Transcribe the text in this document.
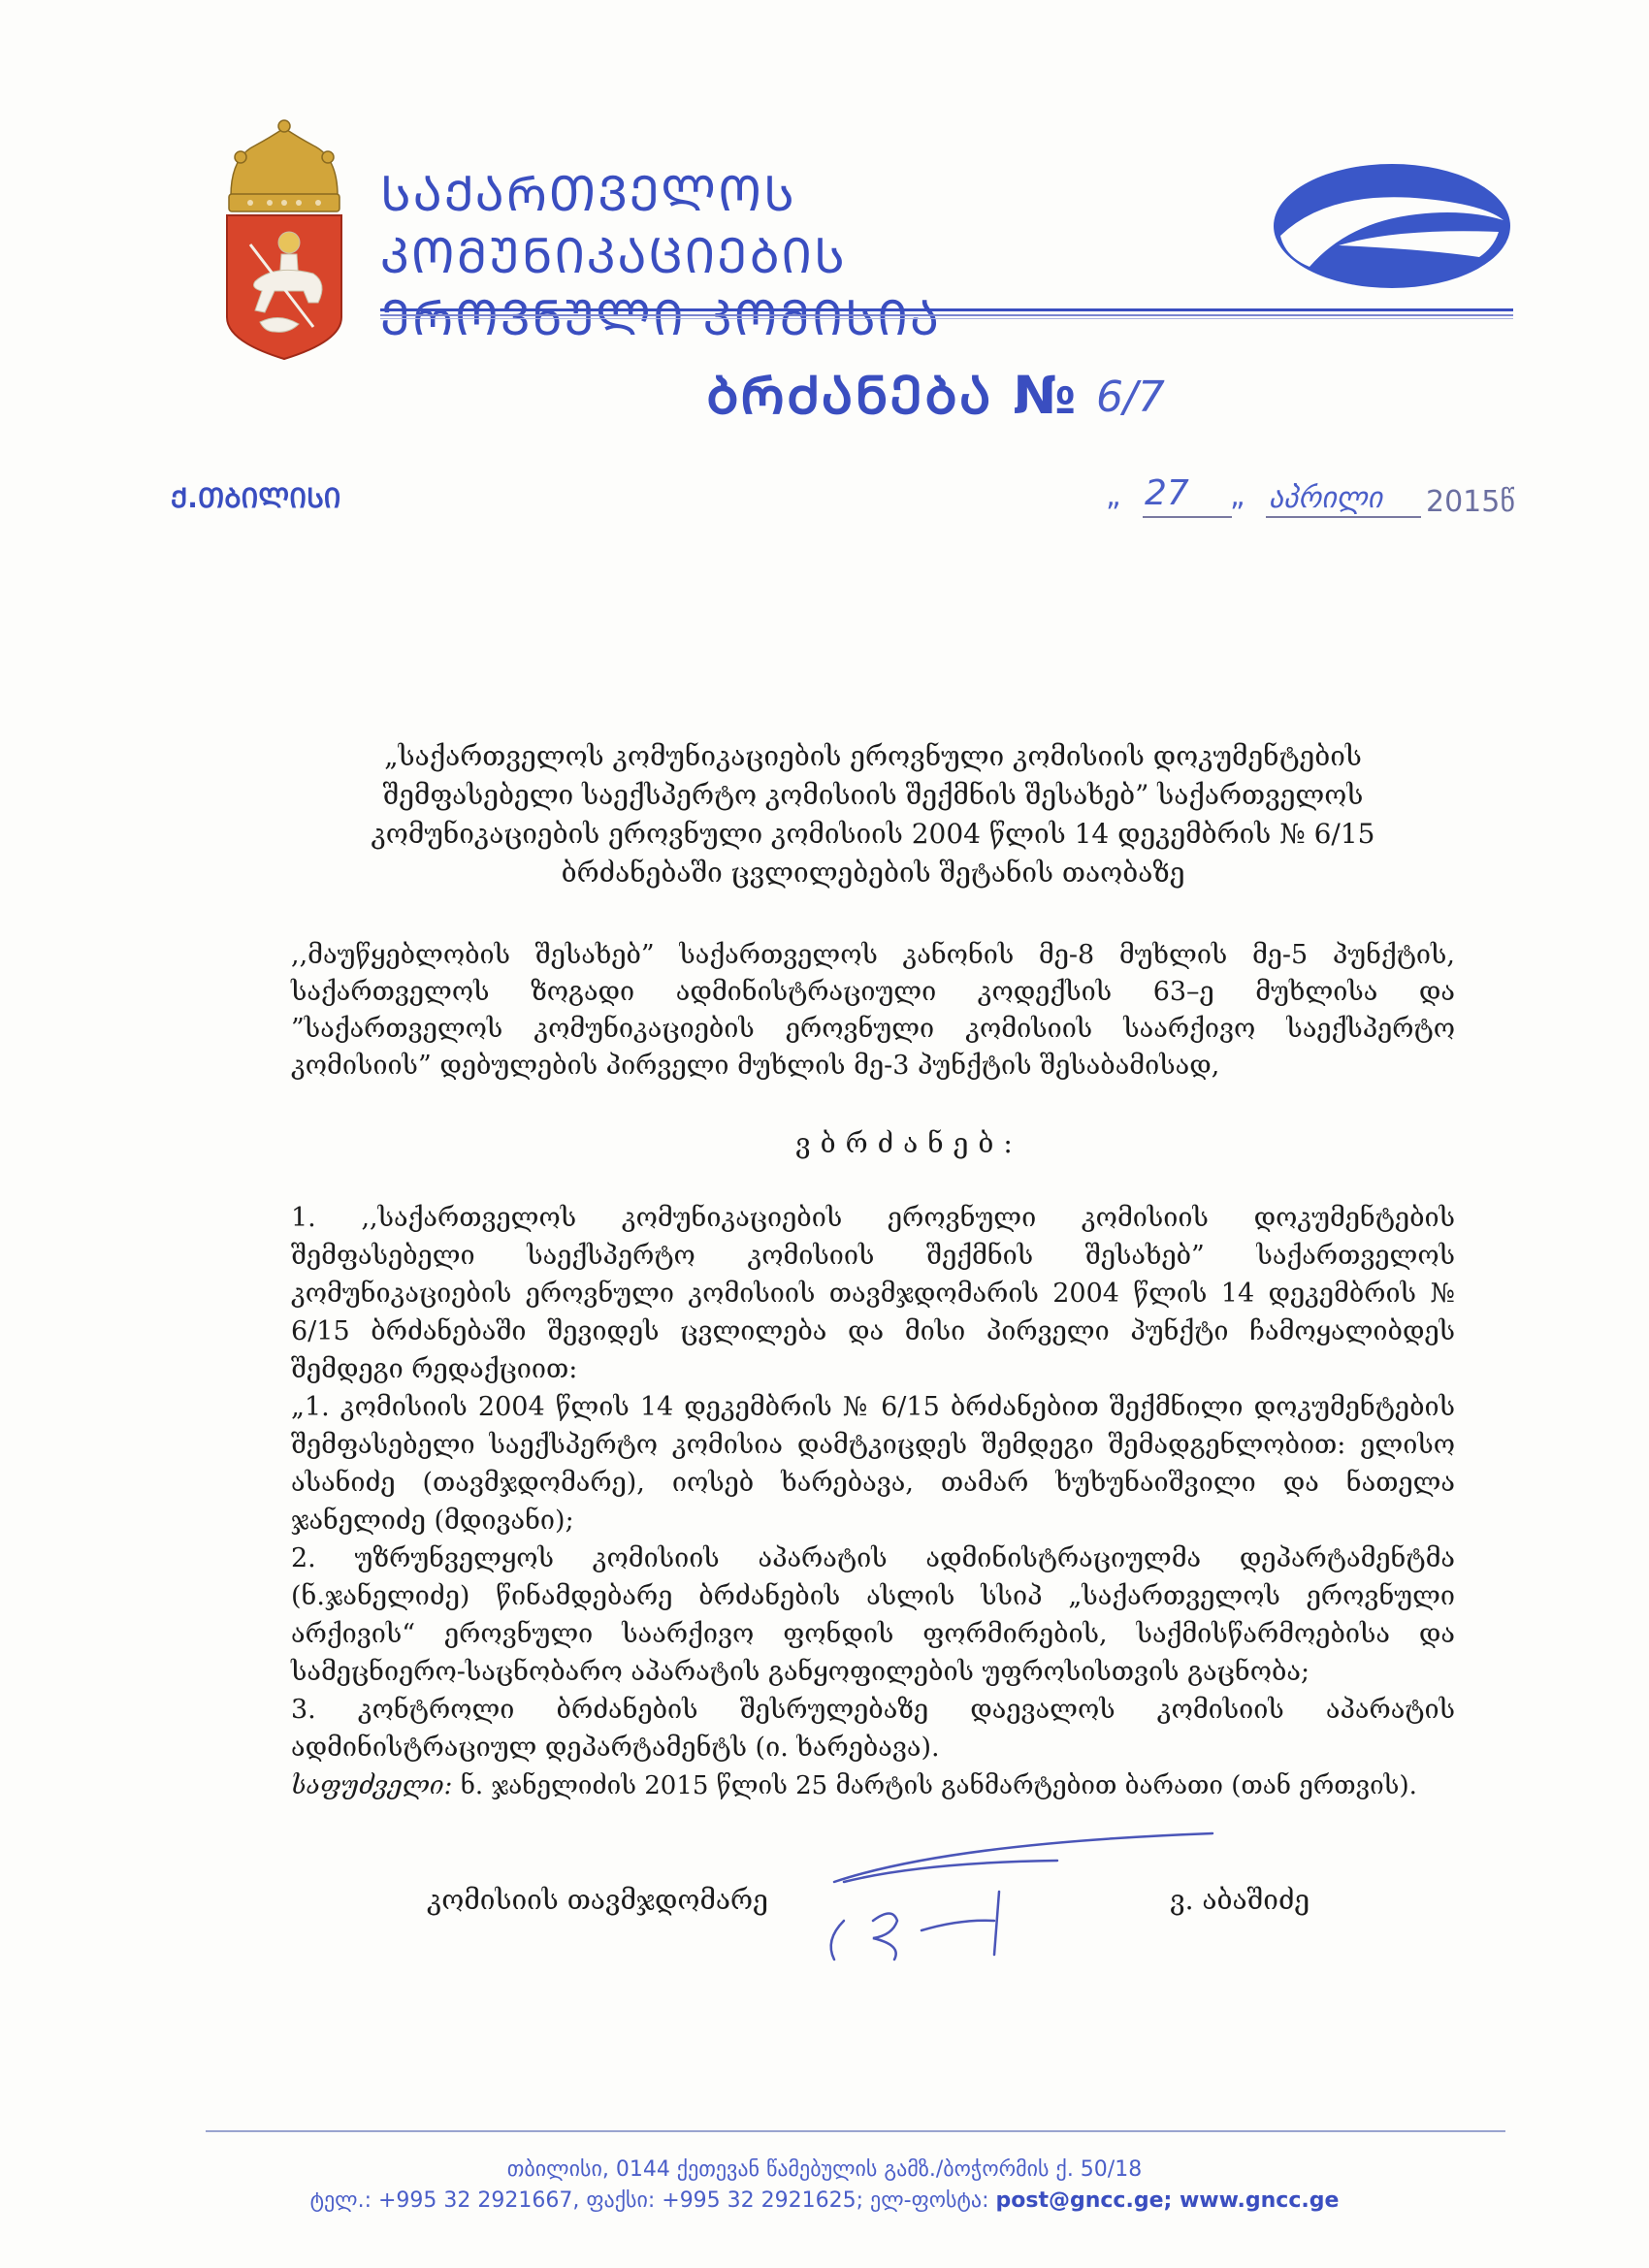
ᲡᲐᲥᲐᲠᲗᲕᲔᲚᲝᲡ ᲙᲝᲛᲣᲜᲘᲙᲐᲪᲘᲔᲑᲘᲡ
ᲑᲠᲫᲐᲜᲔᲑᲐ № 6/7
Ქ.ᲗᲑᲘᲚᲘᲡᲘ	„ 27 „ აპრილი 2015წ
„საქართველოს კომუნიკაციების ეროვნული კომისიის დოკუმენტების შემფასებელი საექსპერტო კომისიის შექმნის შესახებ” საქართველოს კომუნიკაციების ეროვნული კომისიის 2004 წლის 14 დეკემბრის № 6/15 ბრძანებაში ცვლილებების შეტანის თაობაზე
,,მაუწყებლობის შესახებ” საქართველოს კანონის მე-8 მუხლის მე-5 პუნქტის, საქართველოს ზოგადი ადმინისტრაციული კოდექსის 63–ე მუხლისა და ”საქართველოს კომუნიკაციების ეროვნული კომისიის საარქივო საექსპერტო კომისიის” დებულების პირველი მუხლის მე-3 პუნქტის შესაბამისად,
ვბრძანებ:

1. ,,საქართველოს კომუნიკაციების ეროვნული კომისიის დოკუმენტების შემფასებელი საექსპერტო კომისიის შექმნის შესახებ” საქართველოს კომუნიკაციების ეროვნული კომისიის თავმჯდომარის 2004 წლის 14 დეკემბრის № 6/15 ბრძანებაში შევიდეს ცვლილება და მისი პირველი პუნქტი ჩამოყალიბდეს შემდეგი რედაქციით:

„1. კომისიის 2004 წლის 14 დეკემბრის № 6/15 ბრძანებით შექმნილი დოკუმენტების შემფასებელი საექსპერტო კომისია დამტკიცდეს შემდეგი შემადგენლობით: ელისო ასანიძე (თავმჯდომარე), იოსებ ხარებავა, თამარ ხუხუნაიშვილი და ნათელა ჯანელიძე (მდივანი);

2. უზრუნველყოს კომისიის აპარატის ადმინისტრაციულმა დეპარტამენტმა (ნ.ჯანელიძე) წინამდებარე ბრძანების ასლის სსიპ „საქართველოს ეროვნული არქივის“ ეროვნული საარქივო ფონდის ფორმირების, საქმისწარმოებისა და სამეცნიერო-საცნობარო აპარატის განყოფილების უფროსისთვის გაცნობა;

3. კონტროლი ბრძანების შესრულებაზე დაევალოს კომისიის აპარატის ადმინისტრაციულ დეპარტამენტს (ი. ხარებავა).

საფუძველი: ნ. ჯანელიძის 2015 წლის 25 მარტის განმარტებით ბარათი (თან ერთვის).
კომისიის თავმჯდომარე	ვ. აბაშიძე
თბილისი, 0144 ქეთევან წამებულის გამზ./ბოჭორმის ქ. 50/18
ტელ.: +995 32 2921667, ფაქსი: +995 32 2921625; ელ-ფოსტა: post@gncc.ge; www.gncc.ge
